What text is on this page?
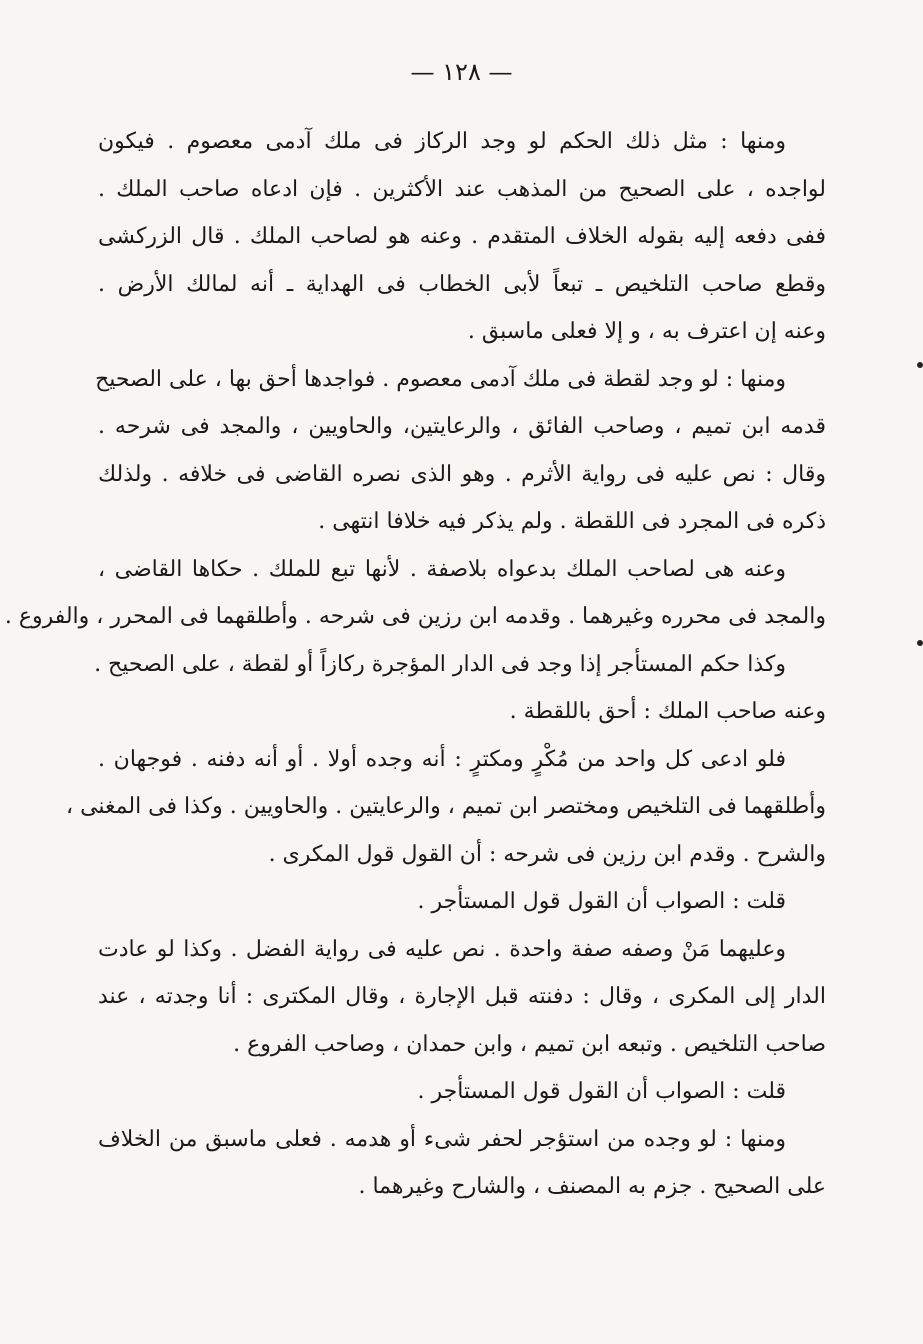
— ١٢٨ —
ومنها : مثل ذلك الحكم لو وجد الركاز فى ملك آدمى معصوم . فيكون
لواجده ، على الصحيح من المذهب عند الأكثرين . فإن ادعاه صاحب الملك .
ففى دفعه إليه بقوله الخلاف المتقدم . وعنه هو لصاحب الملك . قال الزركشى
وقطع صاحب التلخيص ـ تبعاً لأبى الخطاب فى الهداية ـ أنه لمالك الأرض .
وعنه إن اعترف به ، و إلا فعلى ماسبق .
ومنها : لو وجد لقطة فى ملك آدمى معصوم . فواجدها أحق بها ، على الصحيح
قدمه ابن تميم ، وصاحب الفائق ، والرعايتين، والحاويين ، والمجد فى شرحه .
وقال : نص عليه فى رواية الأثرم . وهو الذى نصره القاضى فى خلافه . ولذلك
ذكره فى المجرد فى اللقطة . ولم يذكر فيه خلافا انتهى .
وعنه هى لصاحب الملك بدعواه بلاصفة . لأنها تبع للملك . حكاها القاضى ،
والمجد فى محرره وغيرهما . وقدمه ابن رزين فى شرحه . وأطلقهما فى المحرر ، والفروع .
وكذا حكم المستأجر إذا وجد فى الدار المؤجرة ركازاً أو لقطة ، على الصحيح .
وعنه صاحب الملك : أحق باللقطة .
فلو ادعى كل واحد من مُكْرٍ ومكترٍ : أنه وجده أولا . أو أنه دفنه . فوجهان .
وأطلقهما فى التلخيص ومختصر ابن تميم ، والرعايتين . والحاويين . وكذا فى المغنى ،
والشرح . وقدم ابن رزين فى شرحه : أن القول قول المكرى .
قلت : الصواب أن القول قول المستأجر .
وعليهما مَنْ وصفه صفة واحدة . نص عليه فى رواية الفضل . وكذا لو عادت
الدار إلى المكرى ، وقال : دفنته قبل الإجارة ، وقال المكترى : أنا وجدته ، عند
صاحب التلخيص . وتبعه ابن تميم ، وابن حمدان ، وصاحب الفروع .
قلت : الصواب أن القول قول المستأجر .
ومنها : لو وجده من استؤجر لحفر شىء أو هدمه . فعلى ماسبق من الخلاف
على الصحيح . جزم به المصنف ، والشارح وغيرهما .
